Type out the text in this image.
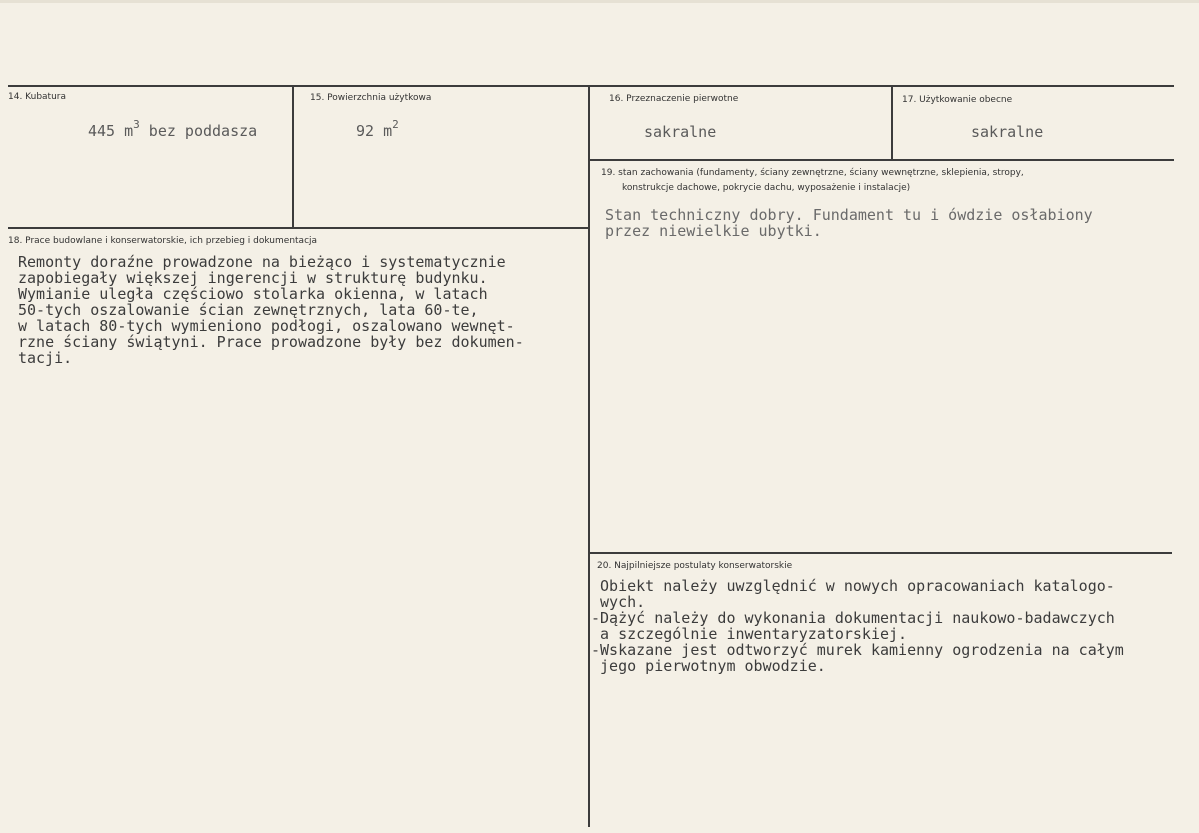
14. Kubatura
445 $m^3$ bez poddasza
15. Powierzchnia użytkowa
92 $m^2$
16. Przeznaczenie pierwotne
sakralne
17. Użytkowanie obecne
sakralne
19. stan zachowania (fundamenty, ściany zewnętrzne, ściany wewnętrzne, sklepienia, stropy,
konstrukcje dachowe, pokrycie dachu, wyposażenie i instalacje)
Stan techniczny dobry. Fundament tu i ówdzie osłabiony
przez niewielkie ubytki.
18. Prace budowlane i konserwatorskie, ich przebieg i dokumentacja
Remonty doraźne prowadzone na bieżąco i systematycznie
zapobiegały większej ingerencji w strukturę budynku.
Wymianie uległa częściowo stolarka okienna, w latach
50-tych oszalowanie ścian zewnętrznych, lata 60-te,
w latach 80-tych wymieniono podłogi, oszalowano wewnęt-
rzne ściany świątyni. Prace prowadzone były bez dokumen-
tacji.
20. Najpilniejsze postulaty konserwatorskie
Obiekt należy uwzględnić w nowych opracowaniach katalogo-
wych.
-Dążyć należy do wykonania dokumentacji naukowo-badawczych
a szczególnie inwentaryzatorskiej.
-Wskazane jest odtworzyć murek kamienny ogrodzenia na całym
jego pierwotnym obwodzie.
